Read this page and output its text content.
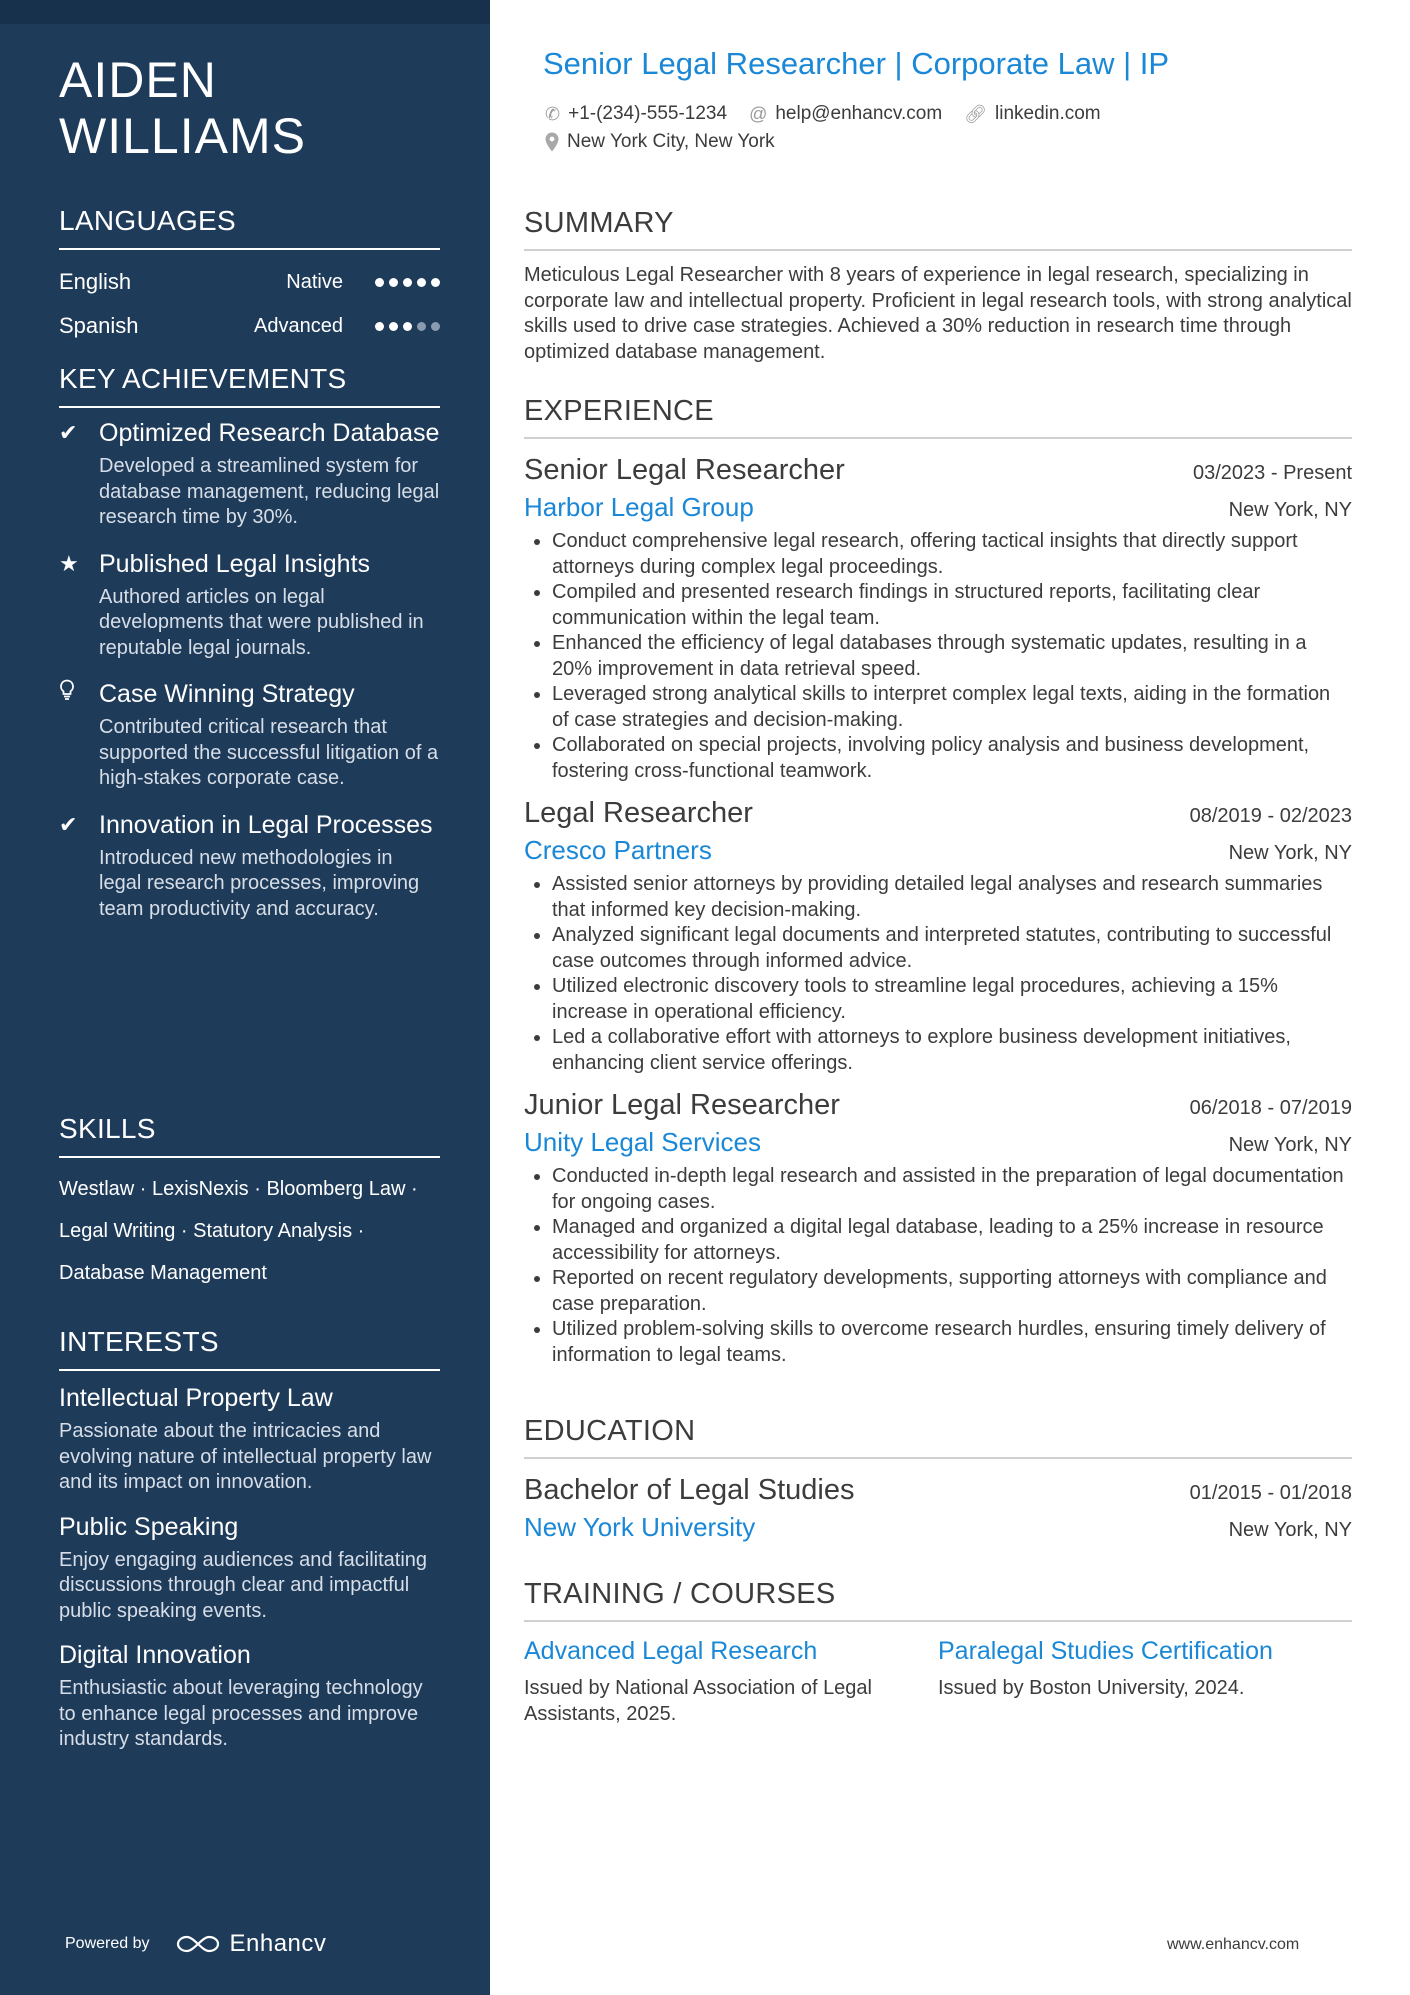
AIDEN
WILLIAMS
LANGUAGES
English	Native
Spanish	Advanced
KEY ACHIEVEMENTS
✔ Optimized Research Database
Developed a streamlined system for database management, reducing legal research time by 30%.
★ Published Legal Insights
Authored articles on legal developments that were published in reputable legal journals.
Case Winning Strategy
Contributed critical research that supported the successful litigation of a high-stakes corporate case.
✔ Innovation in Legal Processes
Introduced new methodologies in legal research processes, improving team productivity and accuracy.
SKILLS
Westlaw · LexisNexis · Bloomberg Law ·
Legal Writing · Statutory Analysis ·
Database Management
INTERESTS
Intellectual Property Law
Passionate about the intricacies and evolving nature of intellectual property law and its impact on innovation.
Public Speaking
Enjoy engaging audiences and facilitating discussions through clear and impactful public speaking events.
Digital Innovation
Enthusiastic about leveraging technology to enhance legal processes and improve industry standards.
Powered by	Enhancv
Senior Legal Researcher | Corporate Law | IP
✆ +1-(234)-555-1234 @ help@enhancv.com 🔗︎ linkedin.com
New York City, New York
SUMMARY
Meticulous Legal Researcher with 8 years of experience in legal research, specializing in corporate law and intellectual property. Proficient in legal research tools, with strong analytical skills used to drive case strategies. Achieved a 30% reduction in research time through optimized database management.
EXPERIENCE
Senior Legal Researcher	03/2023 - Present
Harbor Legal Group	New York, NY
• Conduct comprehensive legal research, offering tactical insights that directly support attorneys during complex legal proceedings.
• Compiled and presented research findings in structured reports, facilitating clear communication within the legal team.
• Enhanced the efficiency of legal databases through systematic updates, resulting in a 20% improvement in data retrieval speed.
• Leveraged strong analytical skills to interpret complex legal texts, aiding in the formation of case strategies and decision-making.
• Collaborated on special projects, involving policy analysis and business development, fostering cross-functional teamwork.
Legal Researcher	08/2019 - 02/2023
Cresco Partners	New York, NY
• Assisted senior attorneys by providing detailed legal analyses and research summaries that informed key decision-making.
• Analyzed significant legal documents and interpreted statutes, contributing to successful case outcomes through informed advice.
• Utilized electronic discovery tools to streamline legal procedures, achieving a 15% increase in operational efficiency.
• Led a collaborative effort with attorneys to explore business development initiatives, enhancing client service offerings.
Junior Legal Researcher	06/2018 - 07/2019
Unity Legal Services	New York, NY
• Conducted in-depth legal research and assisted in the preparation of legal documentation for ongoing cases.
• Managed and organized a digital legal database, leading to a 25% increase in resource accessibility for attorneys.
• Reported on recent regulatory developments, supporting attorneys with compliance and case preparation.
• Utilized problem-solving skills to overcome research hurdles, ensuring timely delivery of information to legal teams.
EDUCATION
Bachelor of Legal Studies	01/2015 - 01/2018
New York University	New York, NY
TRAINING / COURSES
Advanced Legal Research
Issued by National Association of Legal Assistants, 2025.
Paralegal Studies Certification
Issued by Boston University, 2024.
www.enhancv.com
